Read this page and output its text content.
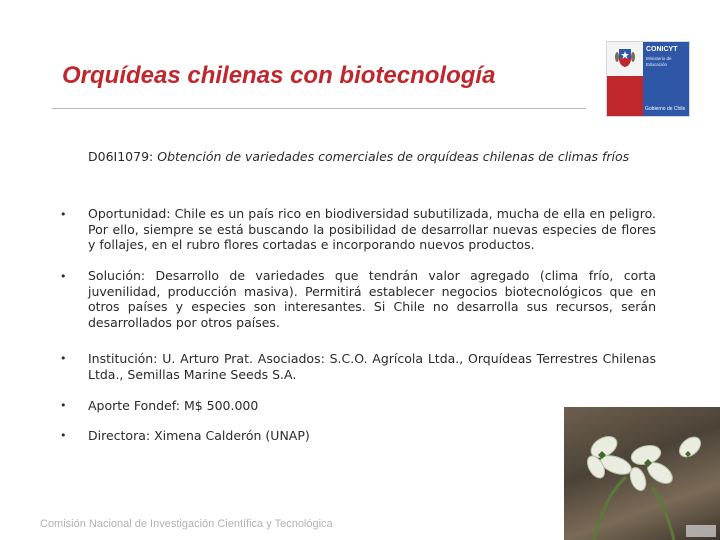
Orquídeas chilenas con biotecnología
CONICYT
Ministerio de Educación
Gobierno de Chile
D06I1079: Obtención de variedades comerciales de orquídeas chilenas de climas fríos
• Oportunidad: Chile es un país rico en biodiversidad subutilizada, mucha de ella en peligro. Por ello, siempre se está buscando la posibilidad de desarrollar nuevas especies de flores y follajes, en el rubro flores cortadas e incorporando nuevos productos.
• Solución: Desarrollo de variedades que tendrán valor agregado (clima frío, corta juvenilidad, producción masiva). Permitirá establecer negocios biotecnológicos que en otros países y especies son interesantes. Si Chile no desarrolla sus recursos, serán desarrollados por otros países.
• Institución: U. Arturo Prat. Asociados: S.C.O. Agrícola Ltda., Orquídeas Terrestres Chilenas Ltda., Semillas Marine Seeds S.A.
• Aporte Fondef: M$ 500.000
• Directora: Ximena Calderón (UNAP)
Comisión Nacional de Investigación Científica y Tecnológica
